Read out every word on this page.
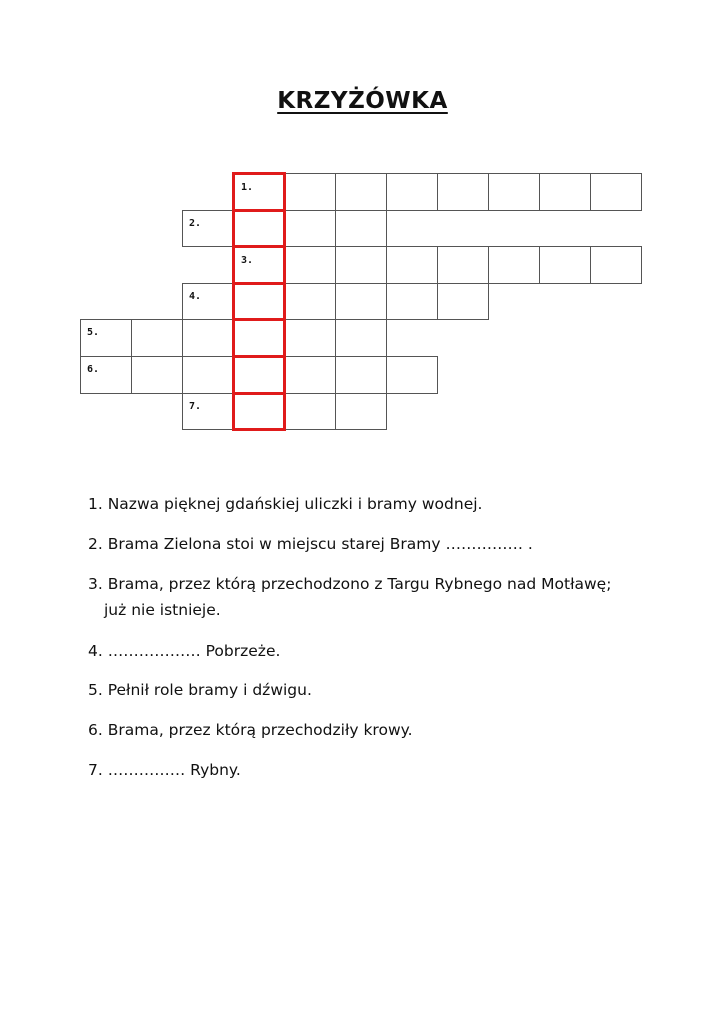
KRZYŻÓWKA
1.
2.
3.
4.
5.
6.
7.
1. Nazwa pięknej gdańskiej uliczki i bramy wodnej.
2. Brama Zielona stoi w miejscu starej Bramy …………… .
3. Brama, przez którą przechodzono z Targu Rybnego nad Motławę;
już nie istnieje.
4. ……………… Pobrzeże.
5. Pełnił role bramy i dźwigu.
6. Brama, przez którą przechodziły krowy.
7. …………… Rybny.
